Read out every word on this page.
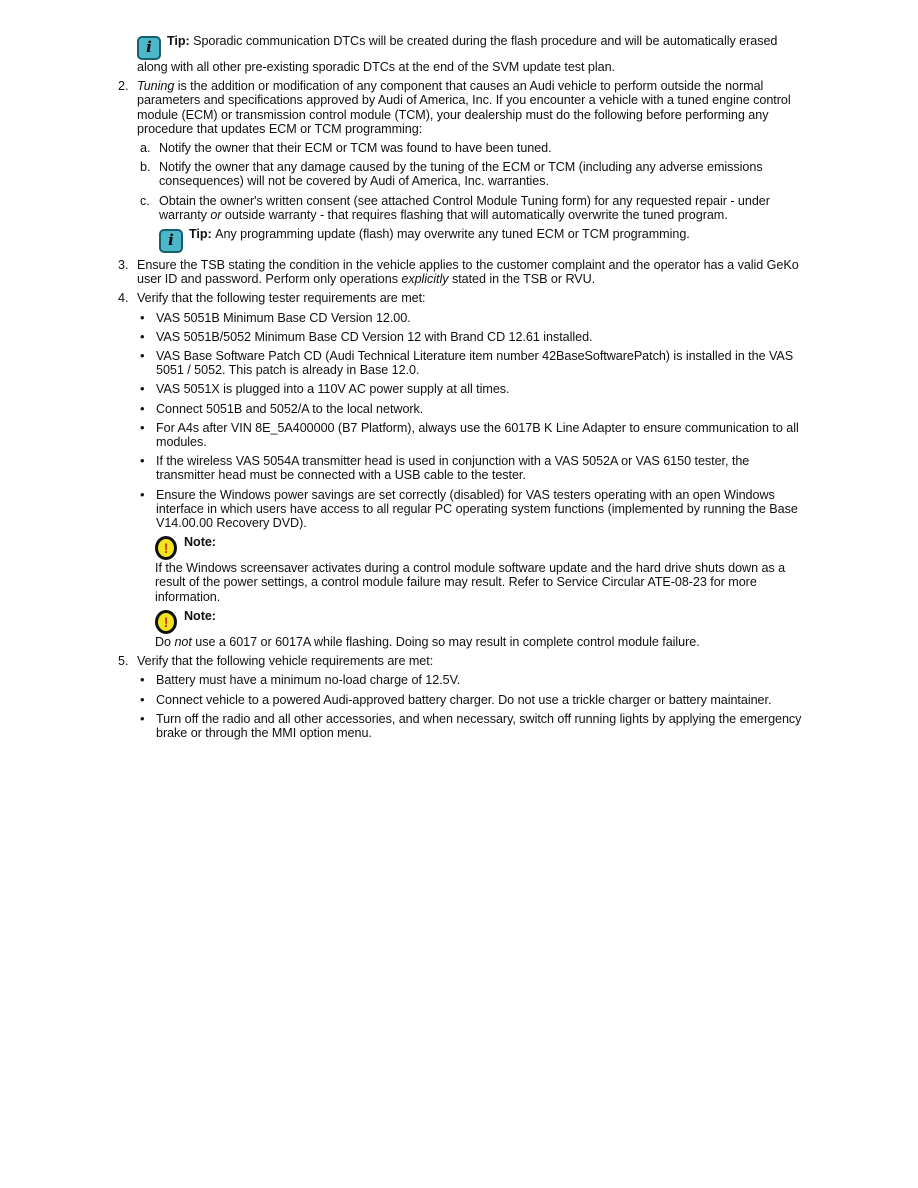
i Tip: Sporadic communication DTCs will be created during the flash procedure and will be automatically erased along with all other pre-existing sporadic DTCs at the end of the SVM update test plan.
2. Tuning is the addition or modification of any component that causes an Audi vehicle to perform outside the normal parameters and specifications approved by Audi of America, Inc. If you encounter a vehicle with a tuned engine control module (ECM) or transmission control module (TCM), your dealership must do the following before performing any procedure that updates ECM or TCM programming:
a. Notify the owner that their ECM or TCM was found to have been tuned.
b. Notify the owner that any damage caused by the tuning of the ECM or TCM (including any adverse emissions consequences) will not be covered by Audi of America, Inc. warranties.
c. Obtain the owner's written consent (see attached Control Module Tuning form) for any requested repair - under warranty or outside warranty - that requires flashing that will automatically overwrite the tuned program.
i Tip: Any programming update (flash) may overwrite any tuned ECM or TCM programming.
3. Ensure the TSB stating the condition in the vehicle applies to the customer complaint and the operator has a valid GeKo user ID and password. Perform only operations explicitly stated in the TSB or RVU.
4. Verify that the following tester requirements are met:
• VAS 5051B Minimum Base CD Version 12.00.
• VAS 5051B/5052 Minimum Base CD Version 12 with Brand CD 12.61 installed.
• VAS Base Software Patch CD (Audi Technical Literature item number 42BaseSoftwarePatch) is installed in the VAS 5051 / 5052. This patch is already in Base 12.0.
• VAS 5051X is plugged into a 110V AC power supply at all times.
• Connect 5051B and 5052/A to the local network.
• For A4s after VIN 8E_5A400000 (B7 Platform), always use the 6017B K Line Adapter to ensure communication to all modules.
• If the wireless VAS 5054A transmitter head is used in conjunction with a VAS 5052A or VAS 6150 tester, the transmitter head must be connected with a USB cable to the tester.
• Ensure the Windows power savings are set correctly (disabled) for VAS testers operating with an open Windows interface in which users have access to all regular PC operating system functions (implemented by running the Base V14.00.00 Recovery DVD).
! Note:
If the Windows screensaver activates during a control module software update and the hard drive shuts down as a result of the power settings, a control module failure may result. Refer to Service Circular ATE-08-23 for more information.
! Note:
Do not use a 6017 or 6017A while flashing. Doing so may result in complete control module failure.
5. Verify that the following vehicle requirements are met:
• Battery must have a minimum no-load charge of 12.5V.
• Connect vehicle to a powered Audi-approved battery charger. Do not use a trickle charger or battery maintainer.
• Turn off the radio and all other accessories, and when necessary, switch off running lights by applying the emergency brake or through the MMI option menu.
